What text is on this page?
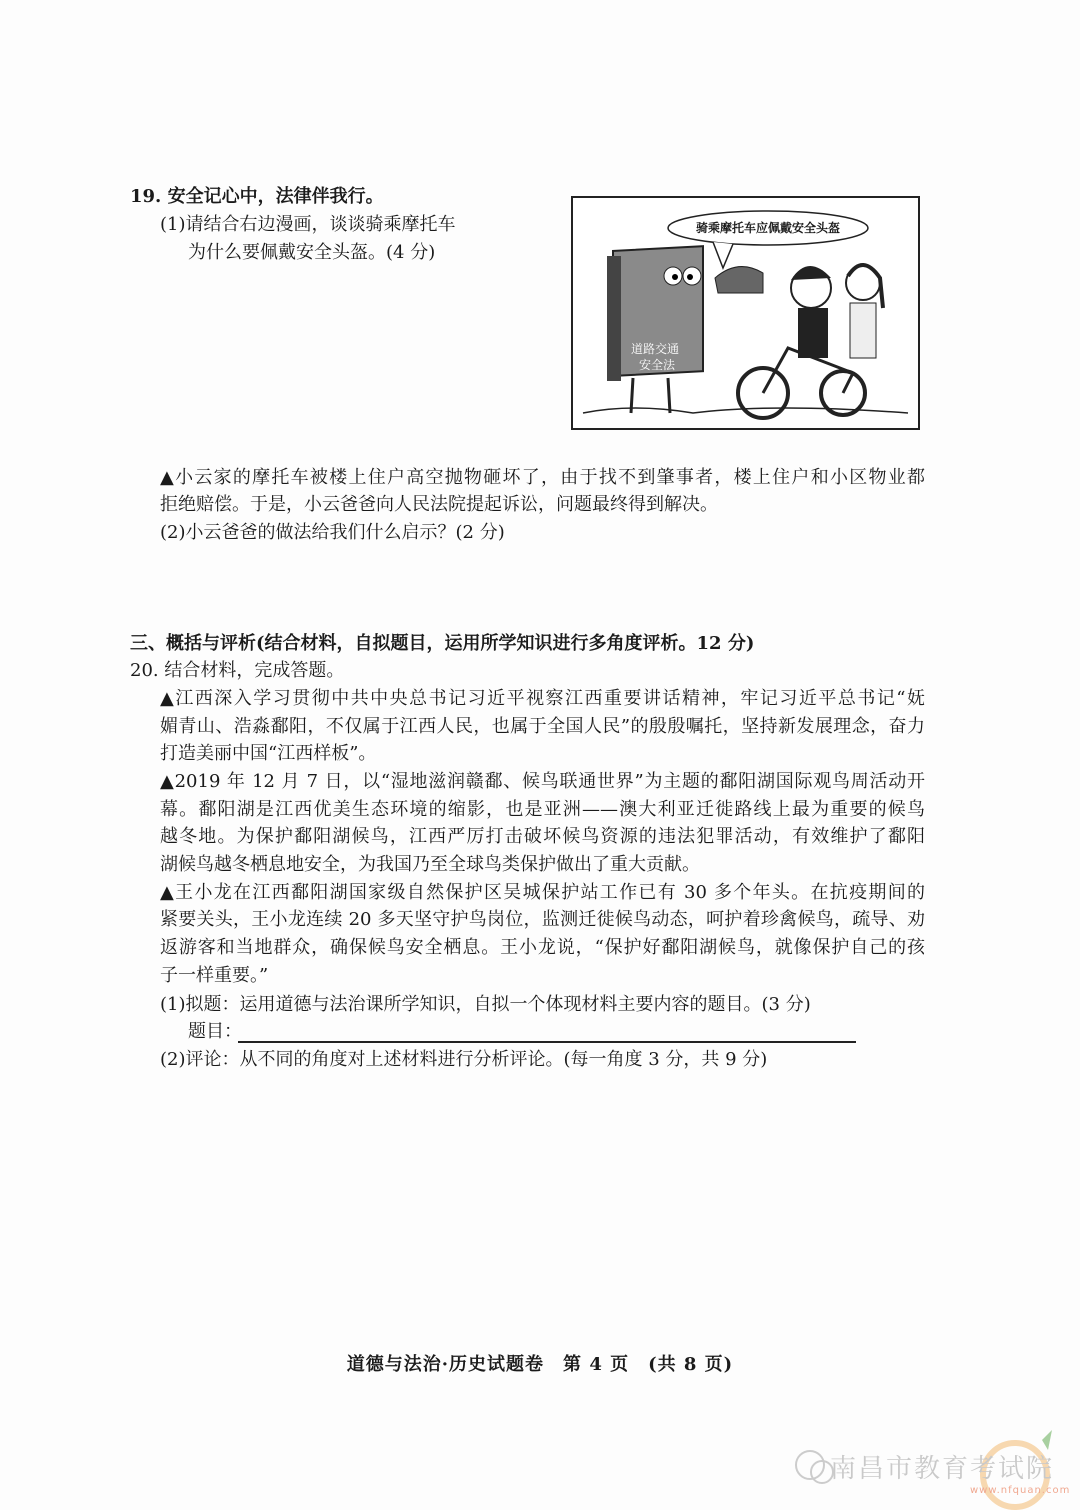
19. 安全记心中，法律伴我行。
(1)请结合右边漫画，谈谈骑乘摩托车
为什么要佩戴安全头盔。(4 分)
骑乘摩托车应佩戴安全头盔
道路交通
安全法
▲小云家的摩托车被楼上住户高空抛物砸坏了，由于找不到肇事者，楼上住户和小区物业都
拒绝赔偿。于是，小云爸爸向人民法院提起诉讼，问题最终得到解决。
(2)小云爸爸的做法给我们什么启示？(2 分)
三、概括与评析(结合材料，自拟题目，运用所学知识进行多角度评析。12 分)
20. 结合材料，完成答题。
▲江西深入学习贯彻中共中央总书记习近平视察江西重要讲话精神，牢记习近平总书记“妩
媚青山、浩淼鄱阳，不仅属于江西人民，也属于全国人民”的殷殷嘱托，坚持新发展理念，奋力
打造美丽中国“江西样板”。
▲2019 年 12 月 7 日，以“湿地滋润赣鄱、候鸟联通世界”为主题的鄱阳湖国际观鸟周活动开
幕。鄱阳湖是江西优美生态环境的缩影，也是亚洲——澳大利亚迁徙路线上最为重要的候鸟
越冬地。为保护鄱阳湖候鸟，江西严厉打击破坏候鸟资源的违法犯罪活动，有效维护了鄱阳
湖候鸟越冬栖息地安全，为我国乃至全球鸟类保护做出了重大贡献。
▲王小龙在江西鄱阳湖国家级自然保护区吴城保护站工作已有 30 多个年头。在抗疫期间的
紧要关头，王小龙连续 20 多天坚守护鸟岗位，监测迁徙候鸟动态，呵护着珍禽候鸟，疏导、劝
返游客和当地群众，确保候鸟安全栖息。王小龙说，“保护好鄱阳湖候鸟，就像保护自己的孩
子一样重要。”
(1)拟题：运用道德与法治课所学知识，自拟一个体现材料主要内容的题目。(3 分)
题目：
(2)评论：从不同的角度对上述材料进行分析评论。(每一角度 3 分，共 9 分)
道德与法治·历史试题卷　第 4 页　(共 8 页)
南昌市教育考试院
www.nfquan.com
